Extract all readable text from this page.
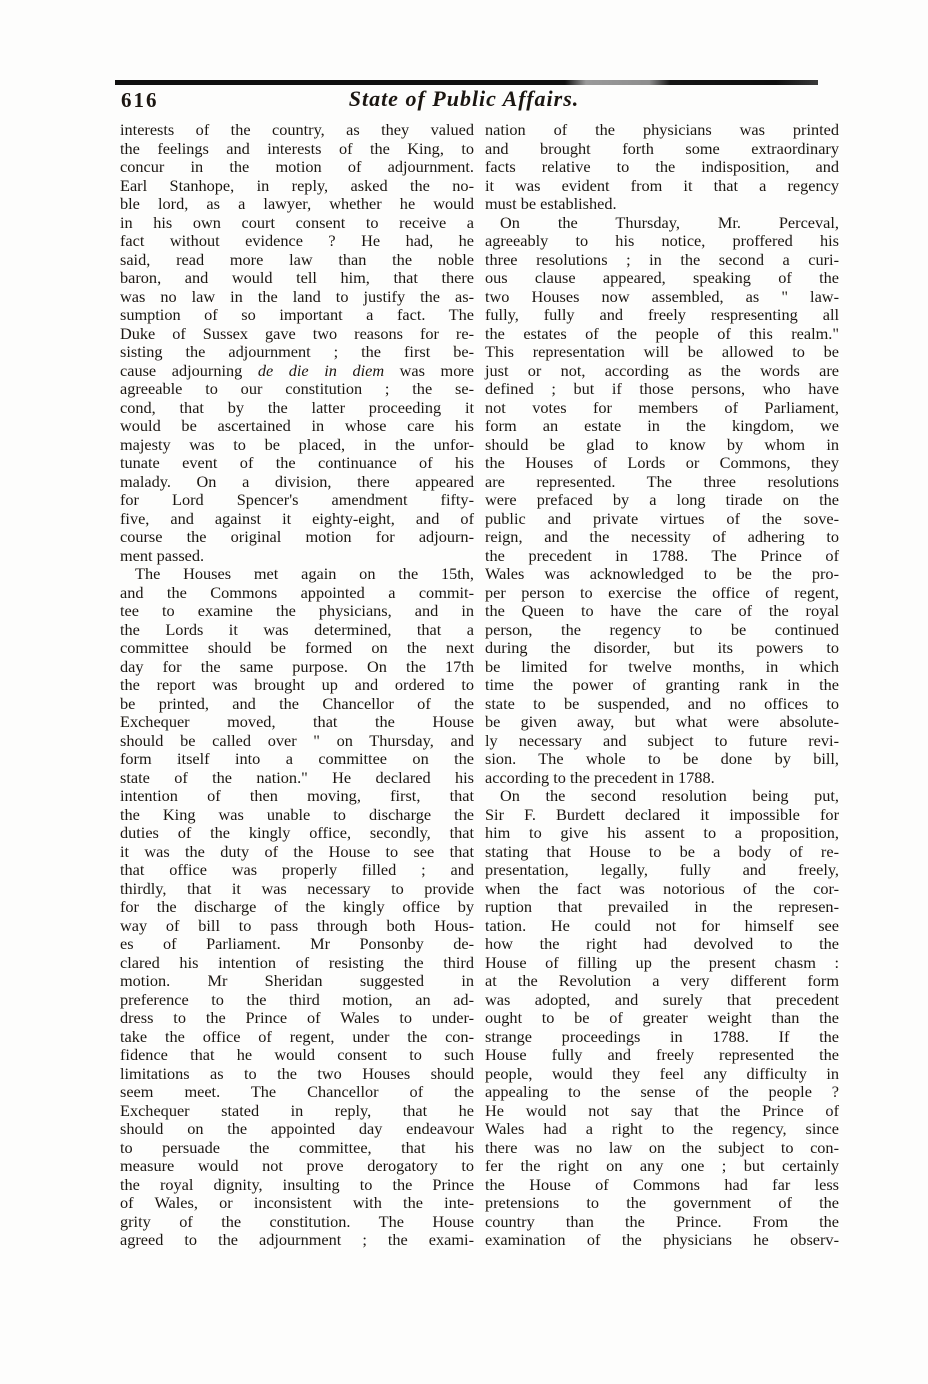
616	State of Public Affairs.
interests of the country, as they valued
the feelings and interests of the King, to
concur in the motion of adjournment.
Earl Stanhope, in reply, asked the no-
ble lord, as a lawyer, whether he would
in his own court consent to receive a
fact without evidence ? He had, he
said, read more law than the noble
baron, and would tell him, that there
was no law in the land to justify the as-
sumption of so important a fact. The
Duke of Sussex gave two reasons for re-
sisting the adjournment ; the first be-
cause adjourning de die in diem was more
agreeable to our constitution ; the se-
cond, that by the latter proceeding it
would be ascertained in whose care his
majesty was to be placed, in the unfor-
tunate event of the continuance of his
malady. On a division, there appeared
for Lord Spencer's amendment fifty-
five, and against it eighty-eight, and of
course the original motion for adjourn-
ment passed.
The Houses met again on the 15th,
and the Commons appointed a commit-
tee to examine the physicians, and in
the Lords it was determined, that a
committee should be formed on the next
day for the same purpose. On the 17th
the report was brought up and ordered to
be printed, and the Chancellor of the
Exchequer moved, that the House
should be called over " on Thursday, and
form itself into a committee on the
state of the nation." He declared his
intention of then moving, first, that
the King was unable to discharge the
duties of the kingly office, secondly, that
it was the duty of the House to see that
that office was properly filled ; and
thirdly, that it was necessary to provide
for the discharge of the kingly office by
way of bill to pass through both Hous-
es of Parliament. Mr Ponsonby de-
clared his intention of resisting the third
motion. Mr Sheridan suggested in
preference to the third motion, an ad-
dress to the Prince of Wales to under-
take the office of regent, under the con-
fidence that he would consent to such
limitations as to the two Houses should
seem meet. The Chancellor of the
Exchequer stated in reply, that he
should on the appointed day endeavour
to persuade the committee, that his
measure would not prove derogatory to
the royal dignity, insulting to the Prince
of Wales, or inconsistent with the inte-
grity of the constitution. The House
agreed to the adjournment ; the exami-
nation of the physicians was printed
and brought forth some extraordinary
facts relative to the indisposition, and
it was evident from it that a regency
must be established.
On the Thursday, Mr. Perceval,
agreeably to his notice, proffered his
three resolutions ; in the second a curi-
ous clause appeared, speaking of the
two Houses now assembled, as " law-
fully, fully and freely respresenting all
the estates of the people of this realm."
This representation will be allowed to be
just or not, according as the words are
defined ; but if those persons, who have
not votes for members of Parliament,
form an estate in the kingdom, we
should be glad to know by whom in
the Houses of Lords or Commons, they
are represented. The three resolutions
were prefaced by a long tirade on the
public and private virtues of the sove-
reign, and the necessity of adhering to
the precedent in 1788. The Prince of
Wales was acknowledged to be the pro-
per person to exercise the office of regent,
the Queen to have the care of the royal
person, the regency to be continued
during the disorder, but its powers to
be limited for twelve months, in which
time the power of granting rank in the
state to be suspended, and no offices to
be given away, but what were absolute-
ly necessary and subject to future revi-
sion. The whole to be done by bill,
according to the precedent in 1788.
On the second resolution being put,
Sir F. Burdett declared it impossible for
him to give his assent to a proposition,
stating that House to be a body of re-
presentation, legally, fully and freely,
when the fact was notorious of the cor-
ruption that prevailed in the represen-
tation. He could not for himself see
how the right had devolved to the
House of filling up the present chasm :
at the Revolution a very different form
was adopted, and surely that precedent
ought to be of greater weight than the
strange proceedings in 1788. If the
House fully and freely represented the
people, would they feel any difficulty in
appealing to the sense of the people ?
He would not say that the Prince of
Wales had a right to the regency, since
there was no law on the subject to con-
fer the right on any one ; but certainly
the House of Commons had far less
pretensions to the government of the
country than the Prince. From the
examination of the physicians he observ-
